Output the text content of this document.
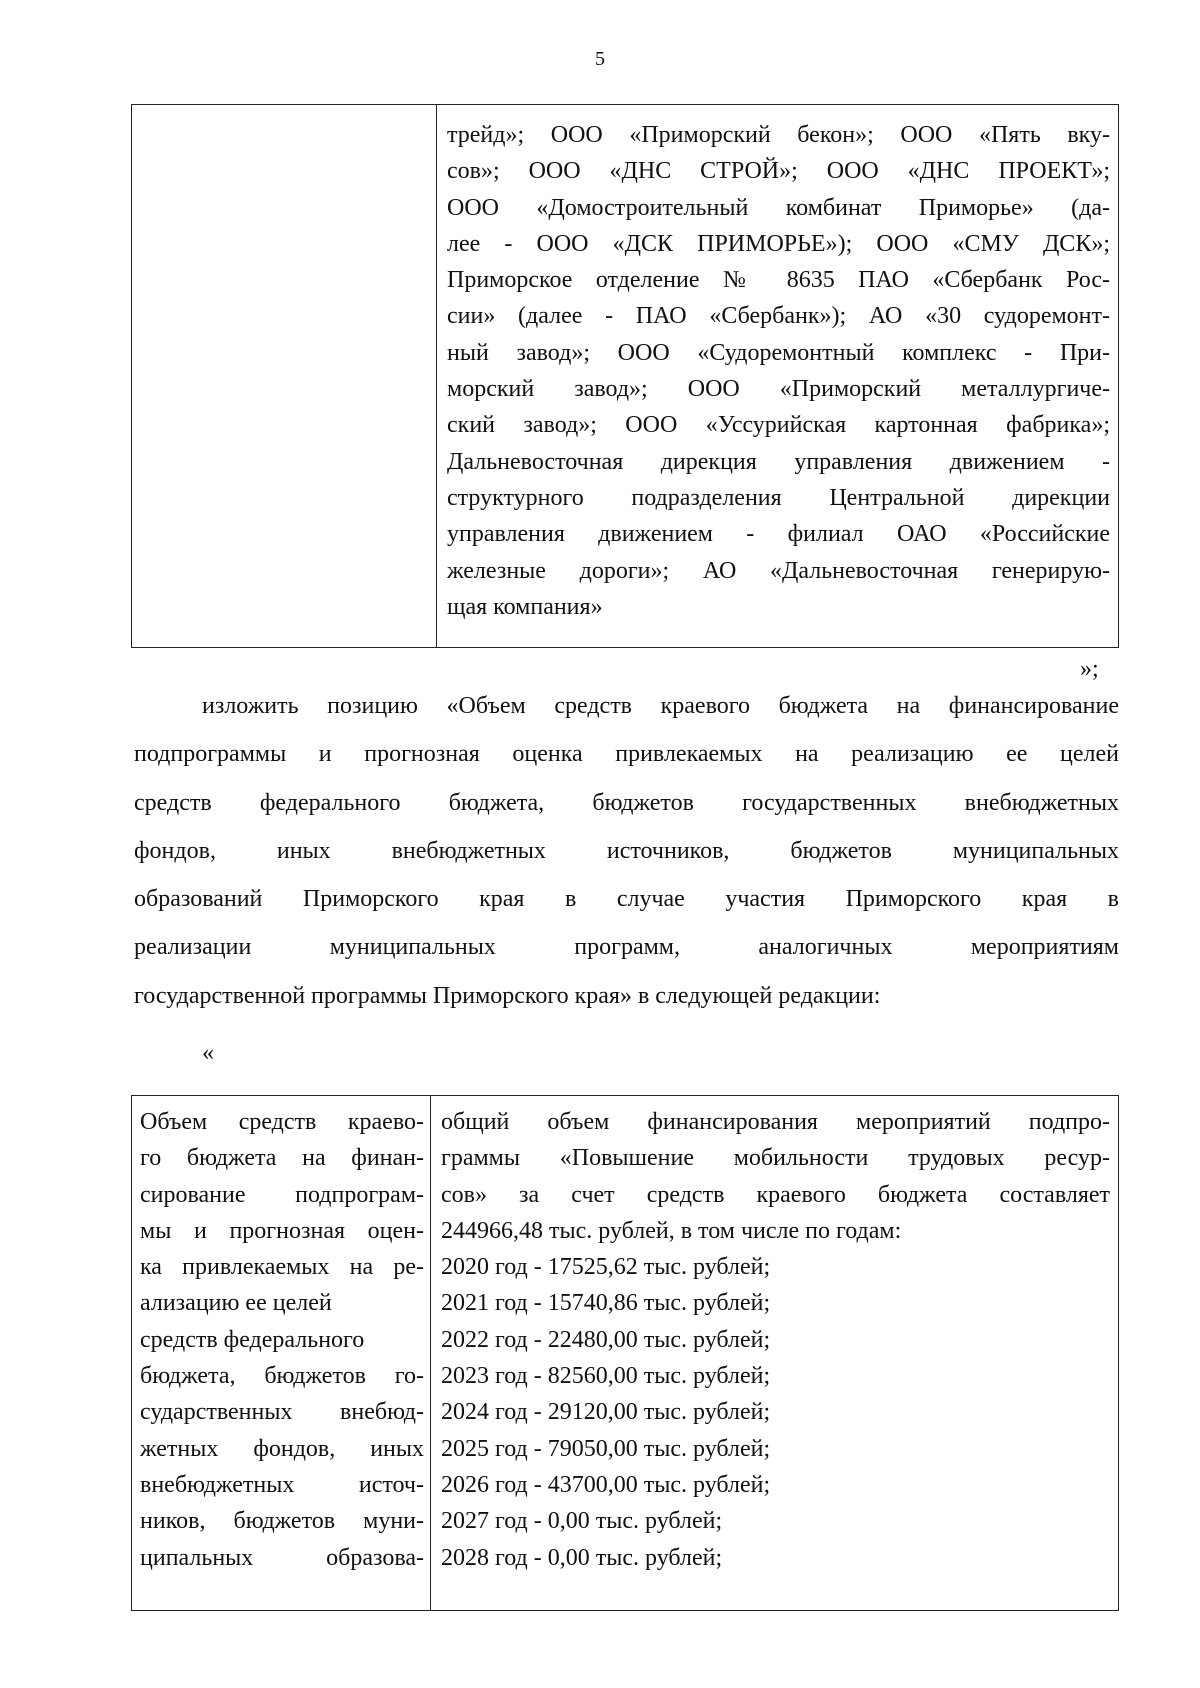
5

трейд»; ООО «Приморский бекон»; ООО «Пять вку-
сов»; ООО «ДНС СТРОЙ»; ООО «ДНС ПРОЕКТ»;
ООО «Домостроительный комбинат Приморье» (да-
лее - ООО «ДСК ПРИМОРЬЕ»); ООО «СМУ ДСК»;
Приморское отделение № 8635 ПАО «Сбербанк Рос-
сии» (далее - ПАО «Сбербанк»); АО «30 судоремонт-
ный завод»; ООО «Судоремонтный комплекс - При-
морский завод»; ООО «Приморский металлургиче-
ский завод»; ООО «Уссурийская картонная фабрика»;
Дальневосточная дирекция управления движением -
структурного подразделения Центральной дирекции
управления движением - филиал ОАО «Российские
железные дороги»; АО «Дальневосточная генерирую-
щая компания»
»;
изложить позицию «Объем средств краевого бюджета на финансирование
подпрограммы и прогнозная оценка привлекаемых на реализацию ее целей
средств федерального бюджета, бюджетов государственных внебюджетных
фондов, иных внебюджетных источников, бюджетов муниципальных
образований Приморского края в случае участия Приморского края в
реализации муниципальных программ, аналогичных мероприятиям
государственной программы Приморского края» в следующей редакции:
«
Объем средств краево-
го бюджета на финан-
сирование подпрограм-
мы и прогнозная оцен-
ка привлекаемых на ре-
ализацию ее целей
средств федерального
бюджета, бюджетов го-
сударственных внебюд-
жетных фондов, иных
внебюджетных источ-
ников, бюджетов муни-
ципальных образова-

общий объем финансирования мероприятий подпро-
граммы «Повышение мобильности трудовых ресур-
сов» за счет средств краевого бюджета составляет
244966,48 тыс. рублей, в том числе по годам:
2020 год - 17525,62 тыс. рублей;
2021 год - 15740,86 тыс. рублей;
2022 год - 22480,00 тыс. рублей;
2023 год - 82560,00 тыс. рублей;
2024 год - 29120,00 тыс. рублей;
2025 год - 79050,00 тыс. рублей;
2026 год - 43700,00 тыс. рублей;
2027 год - 0,00 тыс. рублей;
2028 год - 0,00 тыс. рублей;
